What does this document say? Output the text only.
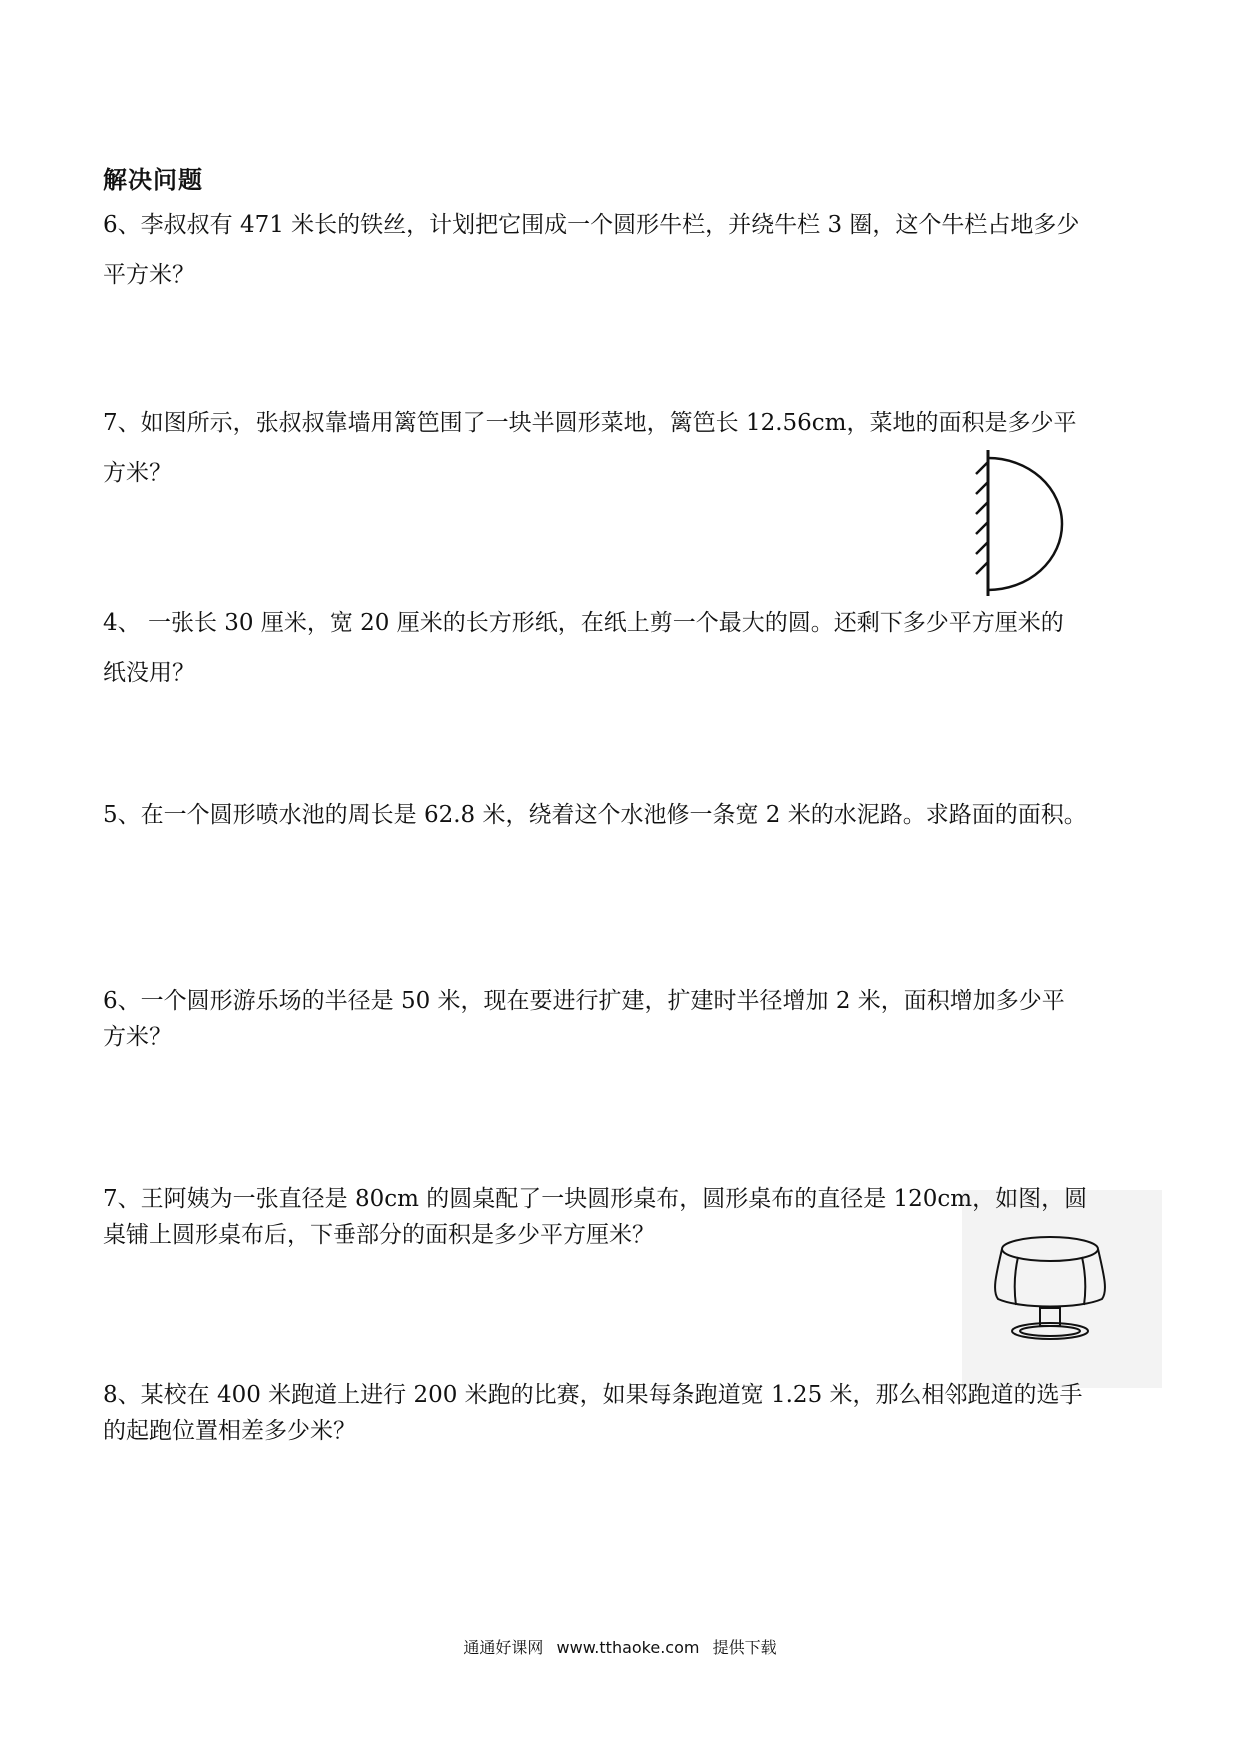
解决问题
6、李叔叔有 471 米长的铁丝，计划把它围成一个圆形牛栏，并绕牛栏 3 圈，这个牛栏占地多少
平方米？
7、如图所示，张叔叔靠墙用篱笆围了一块半圆形菜地，篱笆长 12.56cm，菜地的面积是多少平
方米？
4、 一张长 30 厘米，宽 20 厘米的长方形纸，在纸上剪一个最大的圆。还剩下多少平方厘米的
纸没用？
5、在一个圆形喷水池的周长是 62.8 米，绕着这个水池修一条宽 2 米的水泥路。求路面的面积。
6、一个圆形游乐场的半径是 50 米，现在要进行扩建，扩建时半径增加 2 米，面积增加多少平
方米？
7、王阿姨为一张直径是 80cm 的圆桌配了一块圆形桌布，圆形桌布的直径是 120cm，如图，圆
桌铺上圆形桌布后，下垂部分的面积是多少平方厘米？
8、某校在 400 米跑道上进行 200 米跑的比赛，如果每条跑道宽 1.25 米，那么相邻跑道的选手
的起跑位置相差多少米？
通通好课网 www.tthaoke.com 提供下载
